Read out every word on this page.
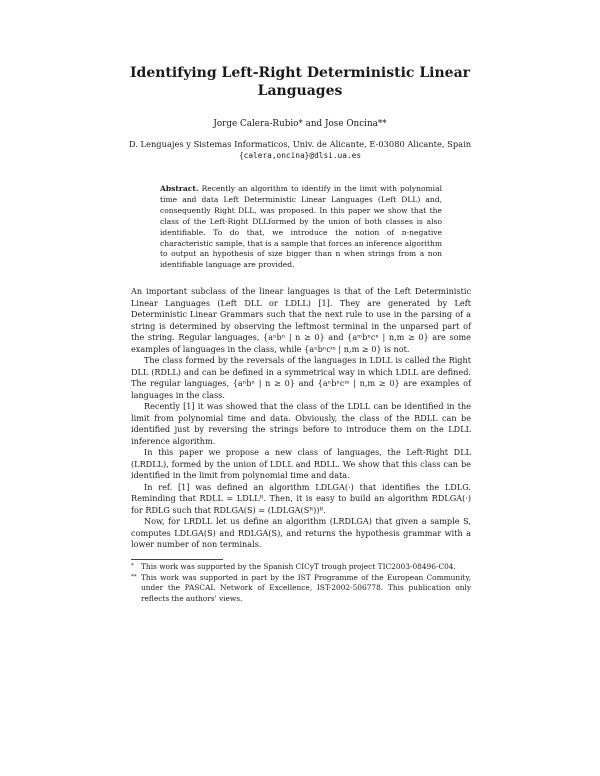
Identifying Left-Right Deterministic Linear Languages
Jorge Calera-Rubio* and Jose Oncina**
D. Lenguajes y Sistemas Informaticos, Univ. de Alicante, E-03080 Alicante, Spain
{calera,oncina}@dlsi.ua.es
Abstract. Recently an algorithm to identify in the limit with polynomial time and data Left Deterministic Linear Languages (Left DLL) and, consequently Right DLL, was proposed. In this paper we show that the class of the Left-Right DLLformed by the union of both classes is also identifiable. To do that, we introduce the notion of n-negative characteristic sample, that is a sample that forces an inference algorithm to output an hypothesis of size bigger than n when strings from a non identifiable language are provided.

An important subclass of the linear languages is that of the Left Deterministic Linear Languages (Left DLL or LDLL) [1]. They are generated by Left Deterministic Linear Grammars such that the next rule to use in the parsing of a string is determined by observing the leftmost terminal in the unparsed part of the string. Regular languages, {aⁿbⁿ | n ≥ 0} and {aᵐbⁿcⁿ | n,m ≥ 0} are some examples of languages in the class, while {aⁿbⁿcᵐ | n,m ≥ 0} is not.

The class formed by the reversals of the languages in LDLL is called the Right DLL (RDLL) and can be defined in a symmetrical way in which LDLL are defined. The regular languages, {aⁿbⁿ | n ≥ 0} and {aⁿbⁿcᵐ | n,m ≥ 0} are examples of languages in the class.

Recently [1] it was showed that the class of the LDLL can be identified in the limit from polynomial time and data. Obviously, the class of the RDLL can be identified just by reversing the strings before to introduce them on the LDLL inference algorithm.

In this paper we propose a new class of languages, the Left-Right DLL (LRDLL), formed by the union of LDLL and RDLL. We show that this class can be identified in the limit from polynomial time and data.

In ref. [1] was defined an algorithm LDLGA(·) that identifies the LDLG. Reminding that RDLL = LDLLᴿ. Then, it is easy to build an algorithm RDLGA(·) for RDLG such that RDLGA(S) = (LDLGA(Sᴿ))ᴿ.

Now, for LRDLL let us define an algorithm (LRDLGA) that given a sample S, computes LDLGA(S) and RDLGA(S), and returns the hypothesis grammar with a lower number of non terminals.

* This work was supported by the Spanish CICyT trough project TIC2003-08496-C04.
** This work was supported in part by the IST Programme of the European Community, under the PASCAL Network of Excellence, IST-2002-506778. This publication only reflects the authors' views.
